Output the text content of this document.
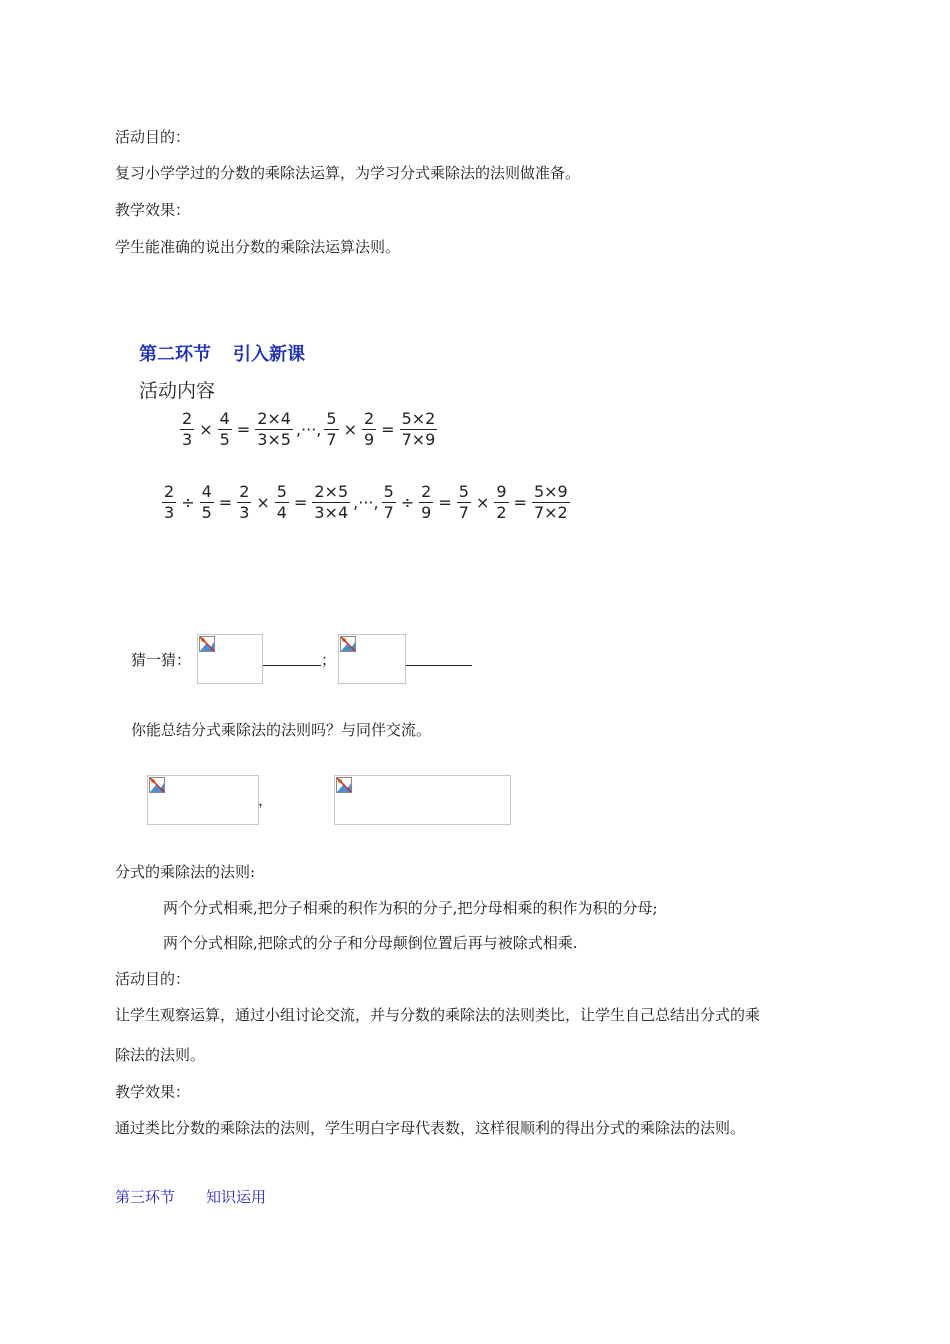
活动目的：
复习小学学过的分数的乘除法运算，为学习分式乘除法的法则做准备。
教学效果：
学生能准确的说出分数的乘除法运算法则。
第二环节 引入新课
活动内容
$\frac{2}{3} \times \frac{4}{5} = \frac{2\times 4}{3\times 5}$ ,···, $\frac{5}{7} \times \frac{2}{9} = \frac{5\times 2}{7\times 9}$
$\frac{2}{3} \div \frac{4}{5} = \frac{2}{3} \times \frac{5}{4} = \frac{2\times 5}{3\times 4}$ ,···, $\frac{5}{7} \div \frac{2}{9} = \frac{5}{7} \times \frac{9}{2} = \frac{5\times 9}{7\times 2}$
猜一猜：	；
你能总结分式乘除法的法则吗？与同伴交流。
，
分式的乘除法的法则:
两个分式相乘,把分子相乘的积作为积的分子,把分母相乘的积作为积的分母;
两个分式相除,把除式的分子和分母颠倒位置后再与被除式相乘.
活动目的：
让学生观察运算，通过小组讨论交流，并与分数的乘除法的法则类比，让学生自己总结出分式的乘
除法的法则。
教学效果：
通过类比分数的乘除法的法则，学生明白字母代表数，这样很顺利的得出分式的乘除法的法则。
第三环节 知识运用
